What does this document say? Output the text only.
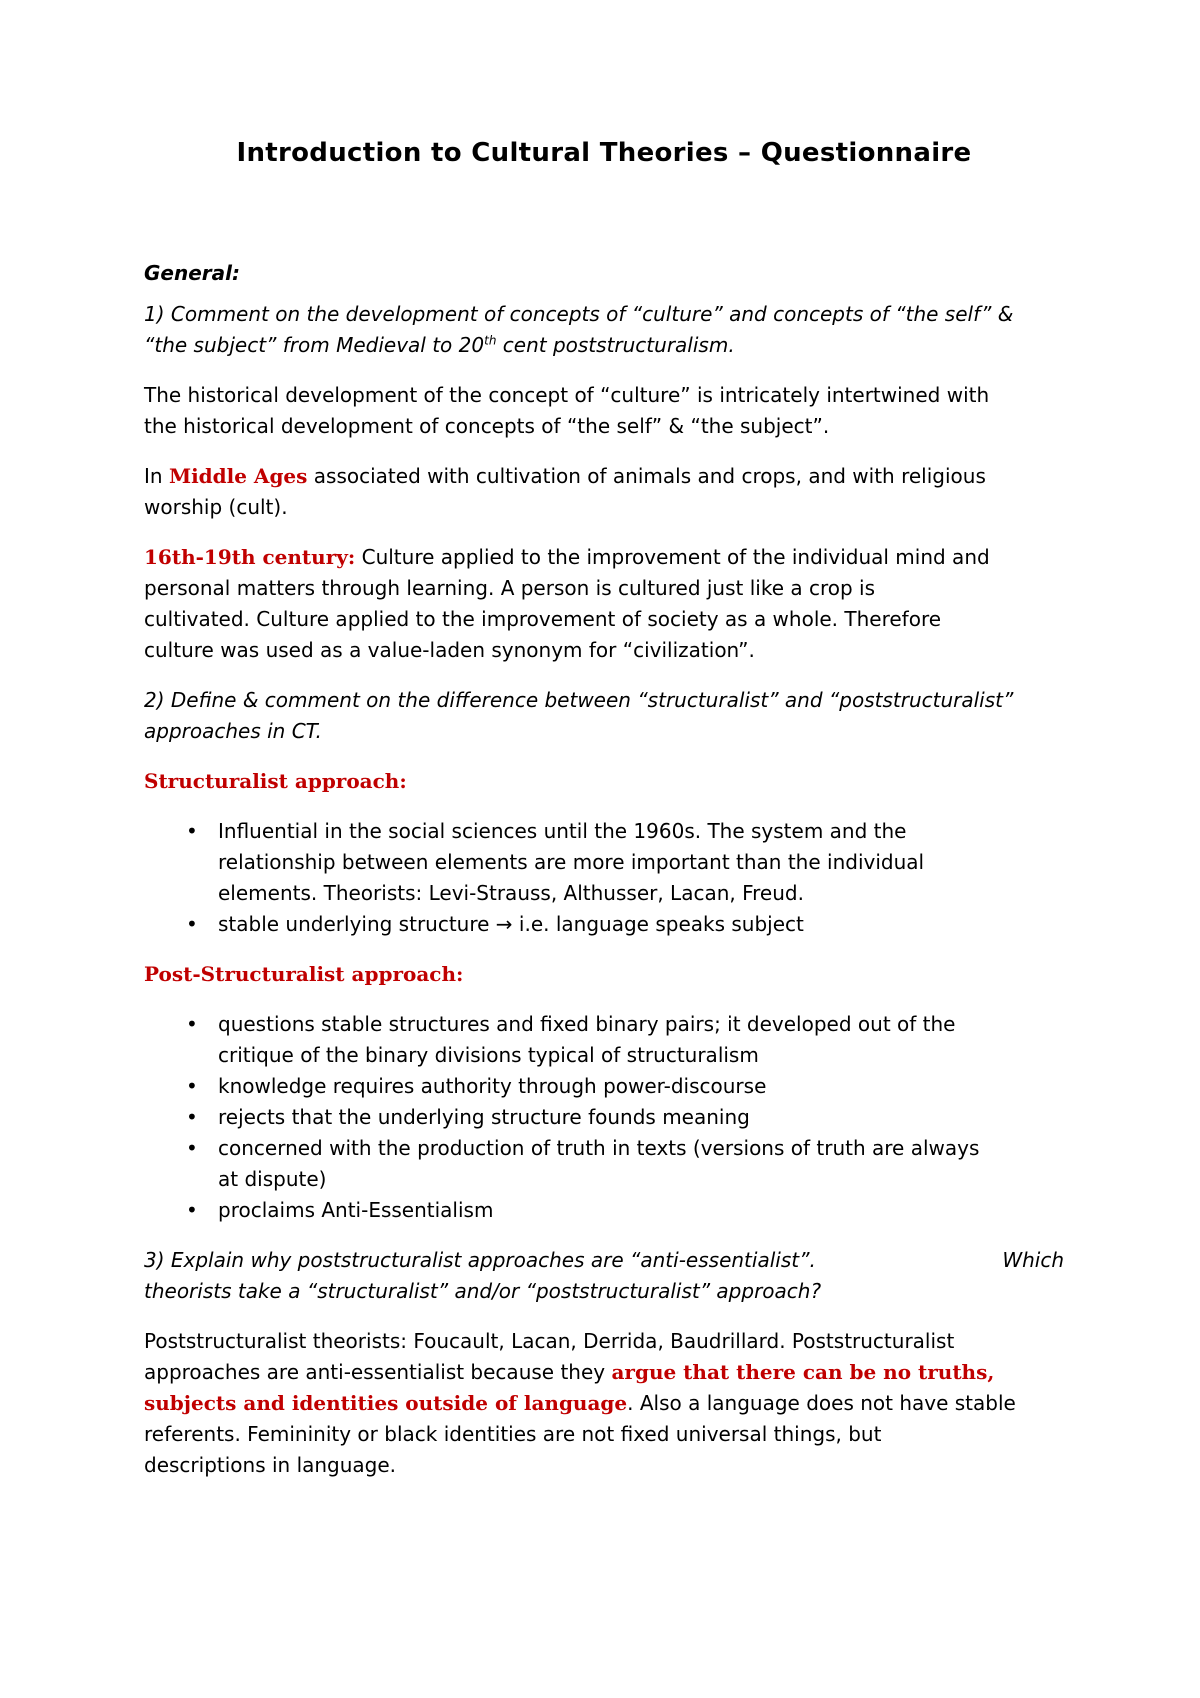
Introduction to Cultural Theories – Questionnaire

General:

1) Comment on the development of concepts of “culture” and concepts of “the self” &
“the subject” from Medieval to 20th cent poststructuralism.

The historical development of the concept of “culture” is intricately intertwined with
the historical development of concepts of “the self” & “the subject”.

In Middle Ages associated with cultivation of animals and crops, and with religious
worship (cult).

16th-19th century: Culture applied to the improvement of the individual mind and
personal matters through learning. A person is cultured just like a crop is
cultivated. Culture applied to the improvement of society as a whole. Therefore
culture was used as a value-laden synonym for “civilization”.

2) Define & comment on the difference between “structuralist” and “poststructuralist”
approaches in CT.

Structuralist approach:

• Influential in the social sciences until the 1960s. The system and the
relationship between elements are more important than the individual
elements. Theorists: Levi-Strauss, Althusser, Lacan, Freud.
• stable underlying structure → i.e. language speaks subject

Post-Structuralist approach:

• questions stable structures and fixed binary pairs; it developed out of the
critique of the binary divisions typical of structuralism
• knowledge requires authority through power-discourse
• rejects that the underlying structure founds meaning
• concerned with the production of truth in texts (versions of truth are always
at dispute)
• proclaims Anti-Essentialism
3) Explain why poststructuralist approaches are “anti-essentialist”.	Which

theorists take a “structuralist” and/or “poststructuralist” approach?

Poststructuralist theorists: Foucault, Lacan, Derrida, Baudrillard. Poststructuralist
approaches are anti-essentialist because they argue that there can be no truths,
subjects and identities outside of language. Also a language does not have stable
referents. Femininity or black identities are not fixed universal things, but
descriptions in language.
